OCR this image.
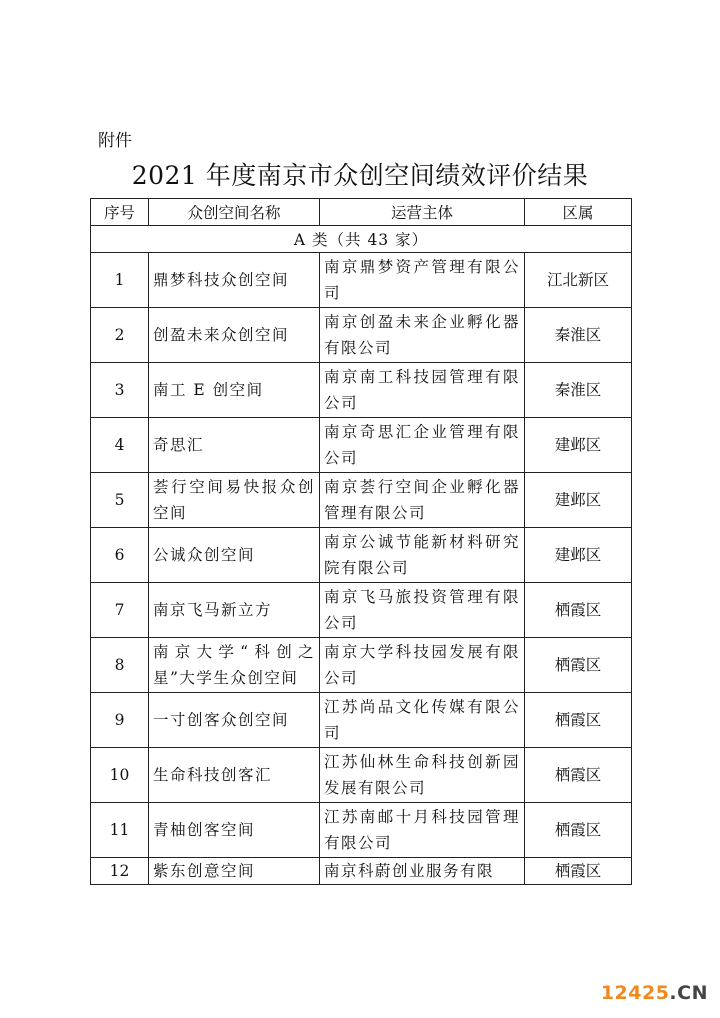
附件
2021 年度南京市众创空间绩效评价结果
序号	众创空间名称	运营主体	区属
A 类（共 43 家）			
1	鼎梦科技众创空间	南京鼎梦资产管理有限公司	江北新区
2	创盈未来众创空间	南京创盈未来企业孵化器有限公司	秦淮区
3	南工 E 创空间	南京南工科技园管理有限公司	秦淮区
4	奇思汇	南京奇思汇企业管理有限公司	建邺区
5	荟行空间易快报众创空间	南京荟行空间企业孵化器管理有限公司	建邺区
6	公诚众创空间	南京公诚节能新材料研究院有限公司	建邺区
7	南京飞马新立方	南京飞马旅投资管理有限公司	栖霞区
8	南京大学“科创之星”大学生众创空间	南京大学科技园发展有限公司	栖霞区
9	一寸创客众创空间	江苏尚品文化传媒有限公司	栖霞区
10	生命科技创客汇	江苏仙林生命科技创新园发展有限公司	栖霞区
11	青柚创客空间	江苏南邮十月科技园管理有限公司	栖霞区
12	紫东创意空间	南京科蔚创业服务有限	栖霞区
12425.CN
